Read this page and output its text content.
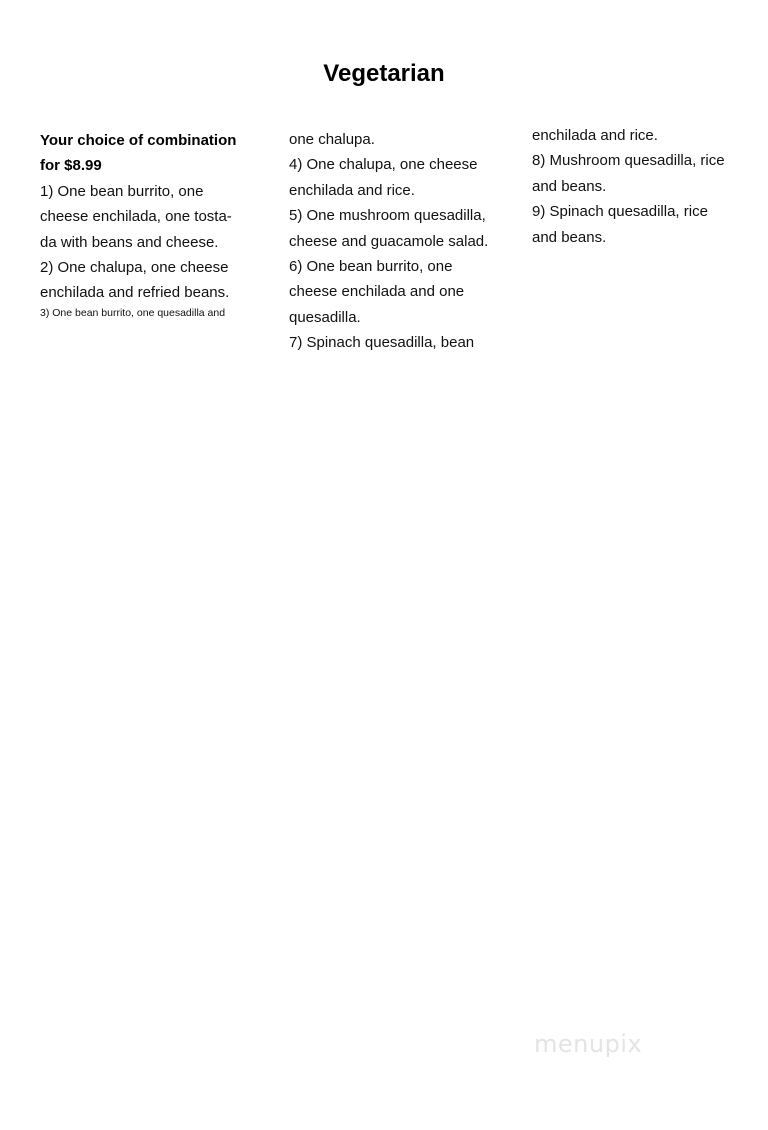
Vegetarian
Your choice of combination
for $8.99
1) One bean burrito, one
cheese enchilada, one tosta-
da with beans and cheese.
2) One chalupa, one cheese
enchilada and refried beans.
3) One bean burrito, one quesadilla and
one chalupa.
4) One chalupa, one cheese
enchilada and rice.
5) One mushroom quesadilla,
cheese and guacamole salad.
6) One bean burrito, one
cheese enchilada and one
quesadilla.
7) Spinach quesadilla, bean
enchilada and rice.
8) Mushroom quesadilla, rice
and beans.
9) Spinach quesadilla, rice
and beans.
menupix
